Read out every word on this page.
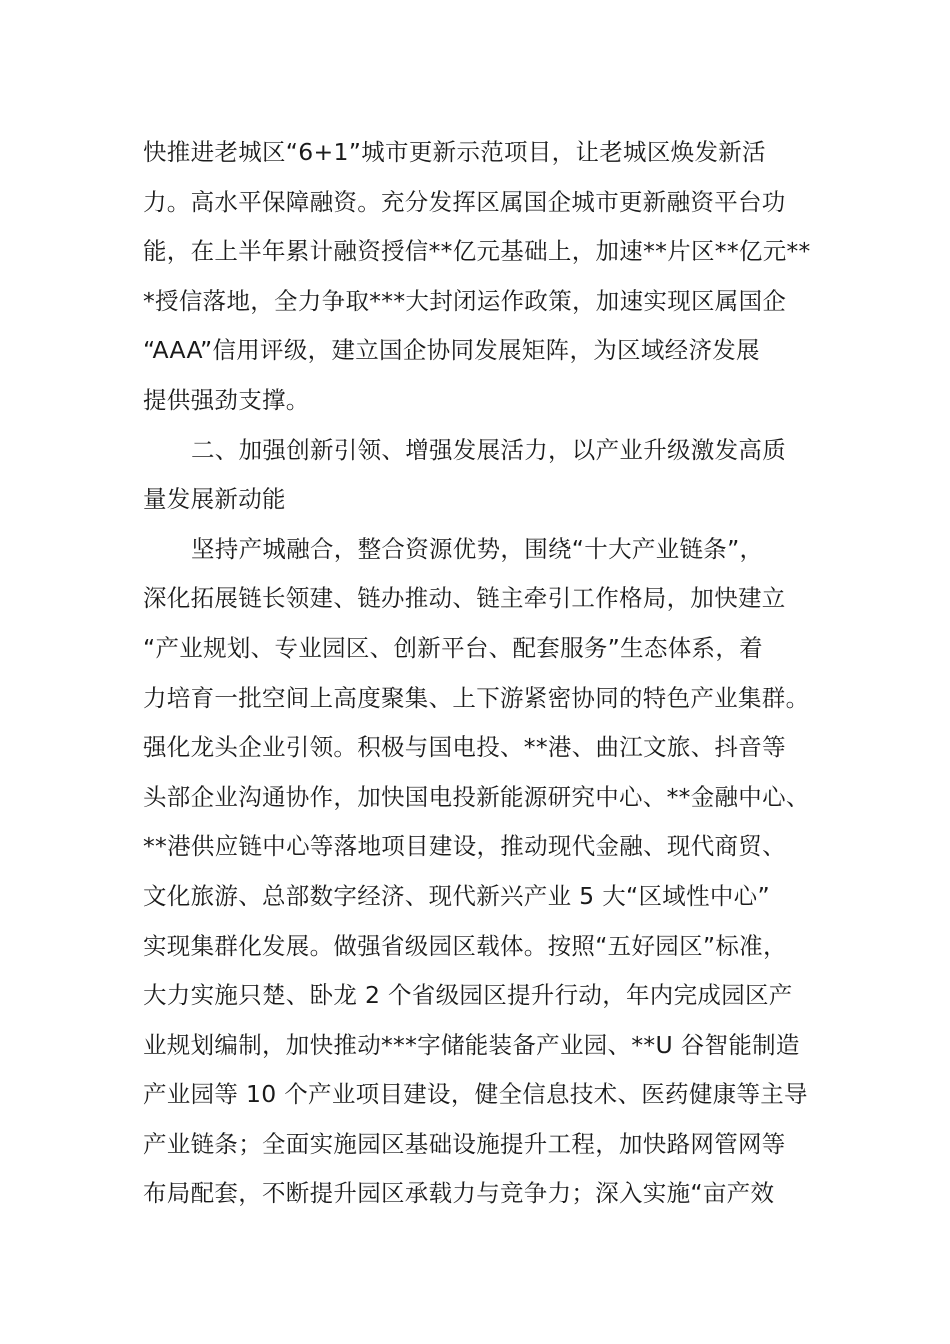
快推进老城区“6+1”城市更新示范项目，让老城区焕发新活
力。高水平保障融资。充分发挥区属国企城市更新融资平台功
能，在上半年累计融资授信**亿元基础上，加速**片区**亿元**
*授信落地，全力争取***大封闭运作政策，加速实现区属国企
“AAA”信用评级，建立国企协同发展矩阵，为区域经济发展
提供强劲支撑。
二、加强创新引领、增强发展活力，以产业升级激发高质
量发展新动能
坚持产城融合，整合资源优势，围绕“十大产业链条”，
深化拓展链长领建、链办推动、链主牵引工作格局，加快建立
“产业规划、专业园区、创新平台、配套服务”生态体系，着
力培育一批空间上高度聚集、上下游紧密协同的特色产业集群。
强化龙头企业引领。积极与国电投、**港、曲江文旅、抖音等
头部企业沟通协作，加快国电投新能源研究中心、**金融中心、
**港供应链中心等落地项目建设，推动现代金融、现代商贸、
文化旅游、总部数字经济、现代新兴产业 5 大“区域性中心”
实现集群化发展。做强省级园区载体。按照“五好园区”标准，
大力实施只楚、卧龙 2 个省级园区提升行动，年内完成园区产
业规划编制，加快推动***字储能装备产业园、**U 谷智能制造
产业园等 10 个产业项目建设，健全信息技术、医药健康等主导
产业链条；全面实施园区基础设施提升工程，加快路网管网等
布局配套，不断提升园区承载力与竞争力；深入实施“亩产效
